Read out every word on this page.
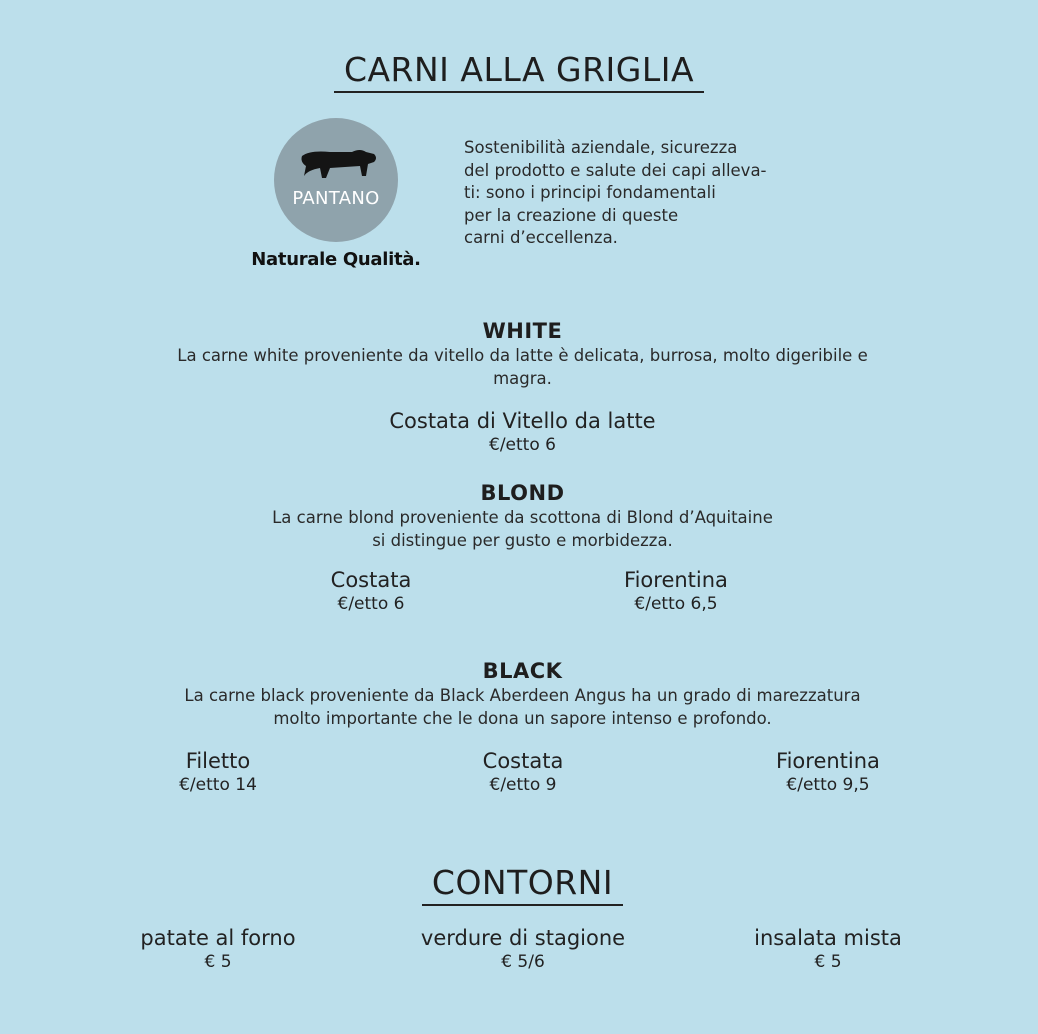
CARNI ALLA GRIGLIA
PANTANO
Naturale Qualità.
Sostenibilità aziendale, sicurezza
del prodotto e salute dei capi alleva-
ti: sono i principi fondamentali
per la creazione di queste
carni d’eccellenza.
WHITE
La carne white proveniente da vitello da latte è delicata, burrosa, molto digeribile e
magra.
Costata di Vitello da latte
€/etto 6
BLOND
La carne blond proveniente da scottona di Blond d’Aquitaine
si distingue per gusto e morbidezza.
Costata
€/etto 6
Fiorentina
€/etto 6,5
BLACK
La carne black proveniente da Black Aberdeen Angus ha un grado di marezzatura
molto importante che le dona un sapore intenso e profondo.
Filetto
€/etto 14
Costata
€/etto 9
Fiorentina
€/etto 9,5
CONTORNI
patate al forno
€ 5
verdure di stagione
€ 5/6
insalata mista
€ 5
